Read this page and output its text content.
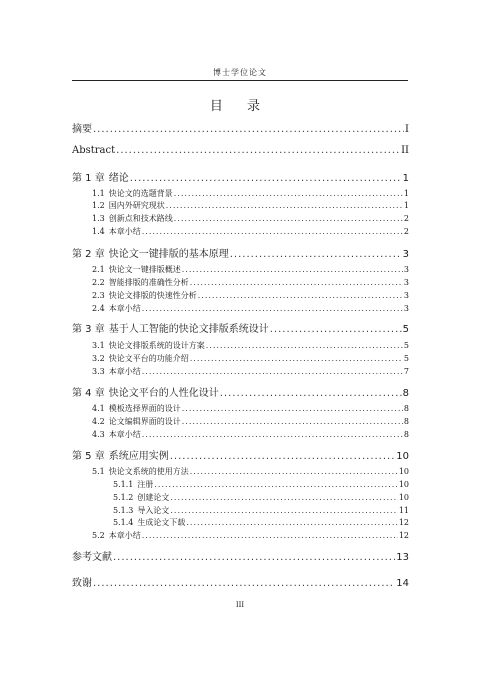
博士学位论文
目 录
摘要 .....	I
Abstract .....	II
第 1 章 绪论 .....	1
1.1 快论文的选题背景 .....	1
1.2 国内外研究现状 .....	1
1.3 创新点和技术路线 .....	2
1.4 本章小结 .....	2
第 2 章 快论文一键排版的基本原理 .....	3
2.1 快论文一键排版概述 .....	3
2.2 智能排版的准确性分析 .....	3
2.3 快论文排版的快速性分析 .....	3
2.4 本章小结 .....	3
第 3 章 基于人工智能的快论文排版系统设计 .....	5
3.1 快论文排版系统的设计方案 .....	5
3.2 快论文平台的功能介绍 .....	5
3.3 本章小结 .....	7
第 4 章 快论文平台的人性化设计 .....	8
4.1 模板选择界面的设计 .....	8
4.2 论文编辑界面的设计 .....	8
4.3 本章小结 .....	8
第 5 章 系统应用实例 .....	10
5.1 快论文系统的使用方法 .....	10
5.1.1 注册 .....	10
5.1.2 创建论文 .....	10
5.1.3 导入论文 .....	11
5.1.4 生成论文下载 .....	12
5.2 本章小结 .....	12
参考文献 .....	13
致谢 .....	14
III
